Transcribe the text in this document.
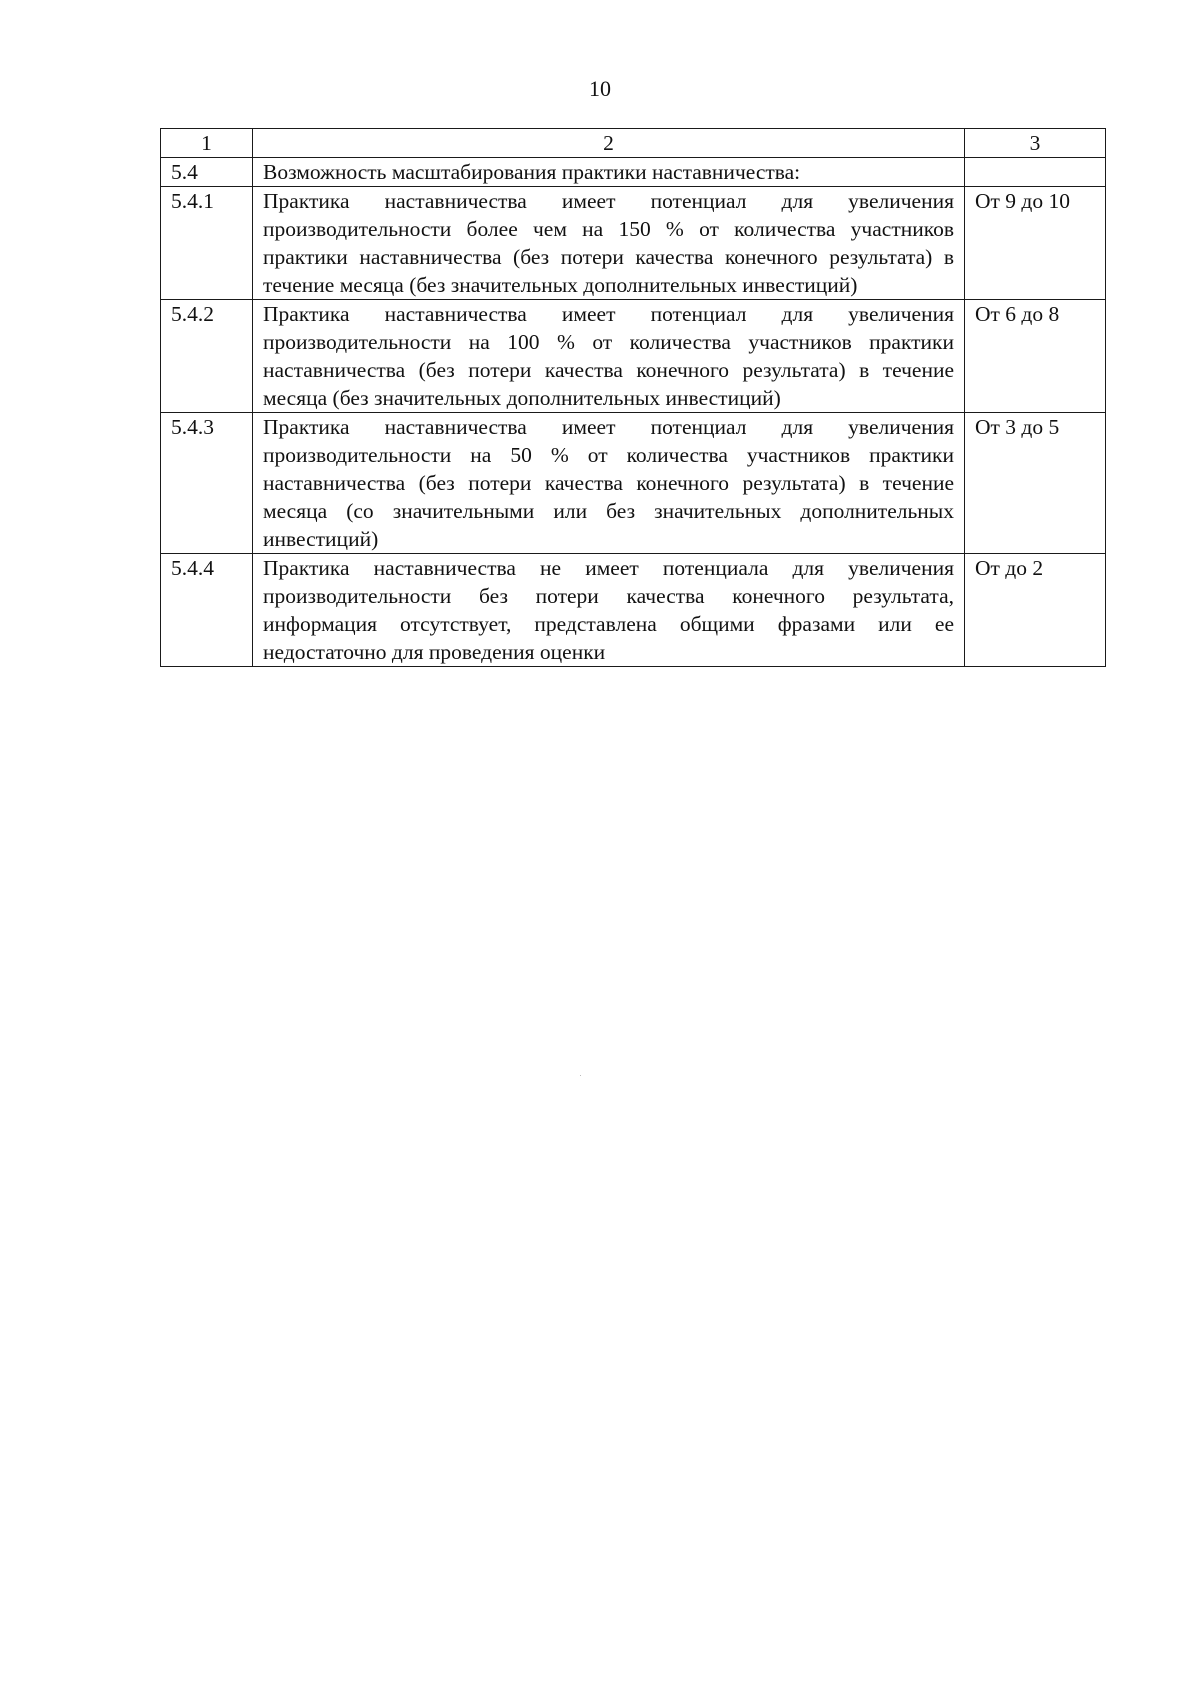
10
1	2	3
5.4	Возможность масштабирования практики наставничества:	
5.4.1	Практика наставничества имеет потенциал для увеличения производительности более чем на 150 % от количества участников практики наставничества (без потери качества конечного результата) в течение месяца (без значительных дополнительных инвестиций)	От 9 до 10
5.4.2	Практика наставничества имеет потенциал для увеличения производительности на 100 % от количества участников практики наставничества (без потери качества конечного результата) в течение месяца (без значительных дополнительных инвестиций)	От 6 до 8
5.4.3	Практика наставничества имеет потенциал для увеличения производительности на 50 % от количества участников практики наставничества (без потери качества конечного результата) в течение месяца (со значительными или без значительных дополнительных инвестиций)	От 3 до 5
5.4.4	Практика наставничества не имеет потенциала для увеличения производительности без потери качества конечного результата, информация отсутствует, представлена общими фразами или ее недостаточно для проведения оценки	От до 2
